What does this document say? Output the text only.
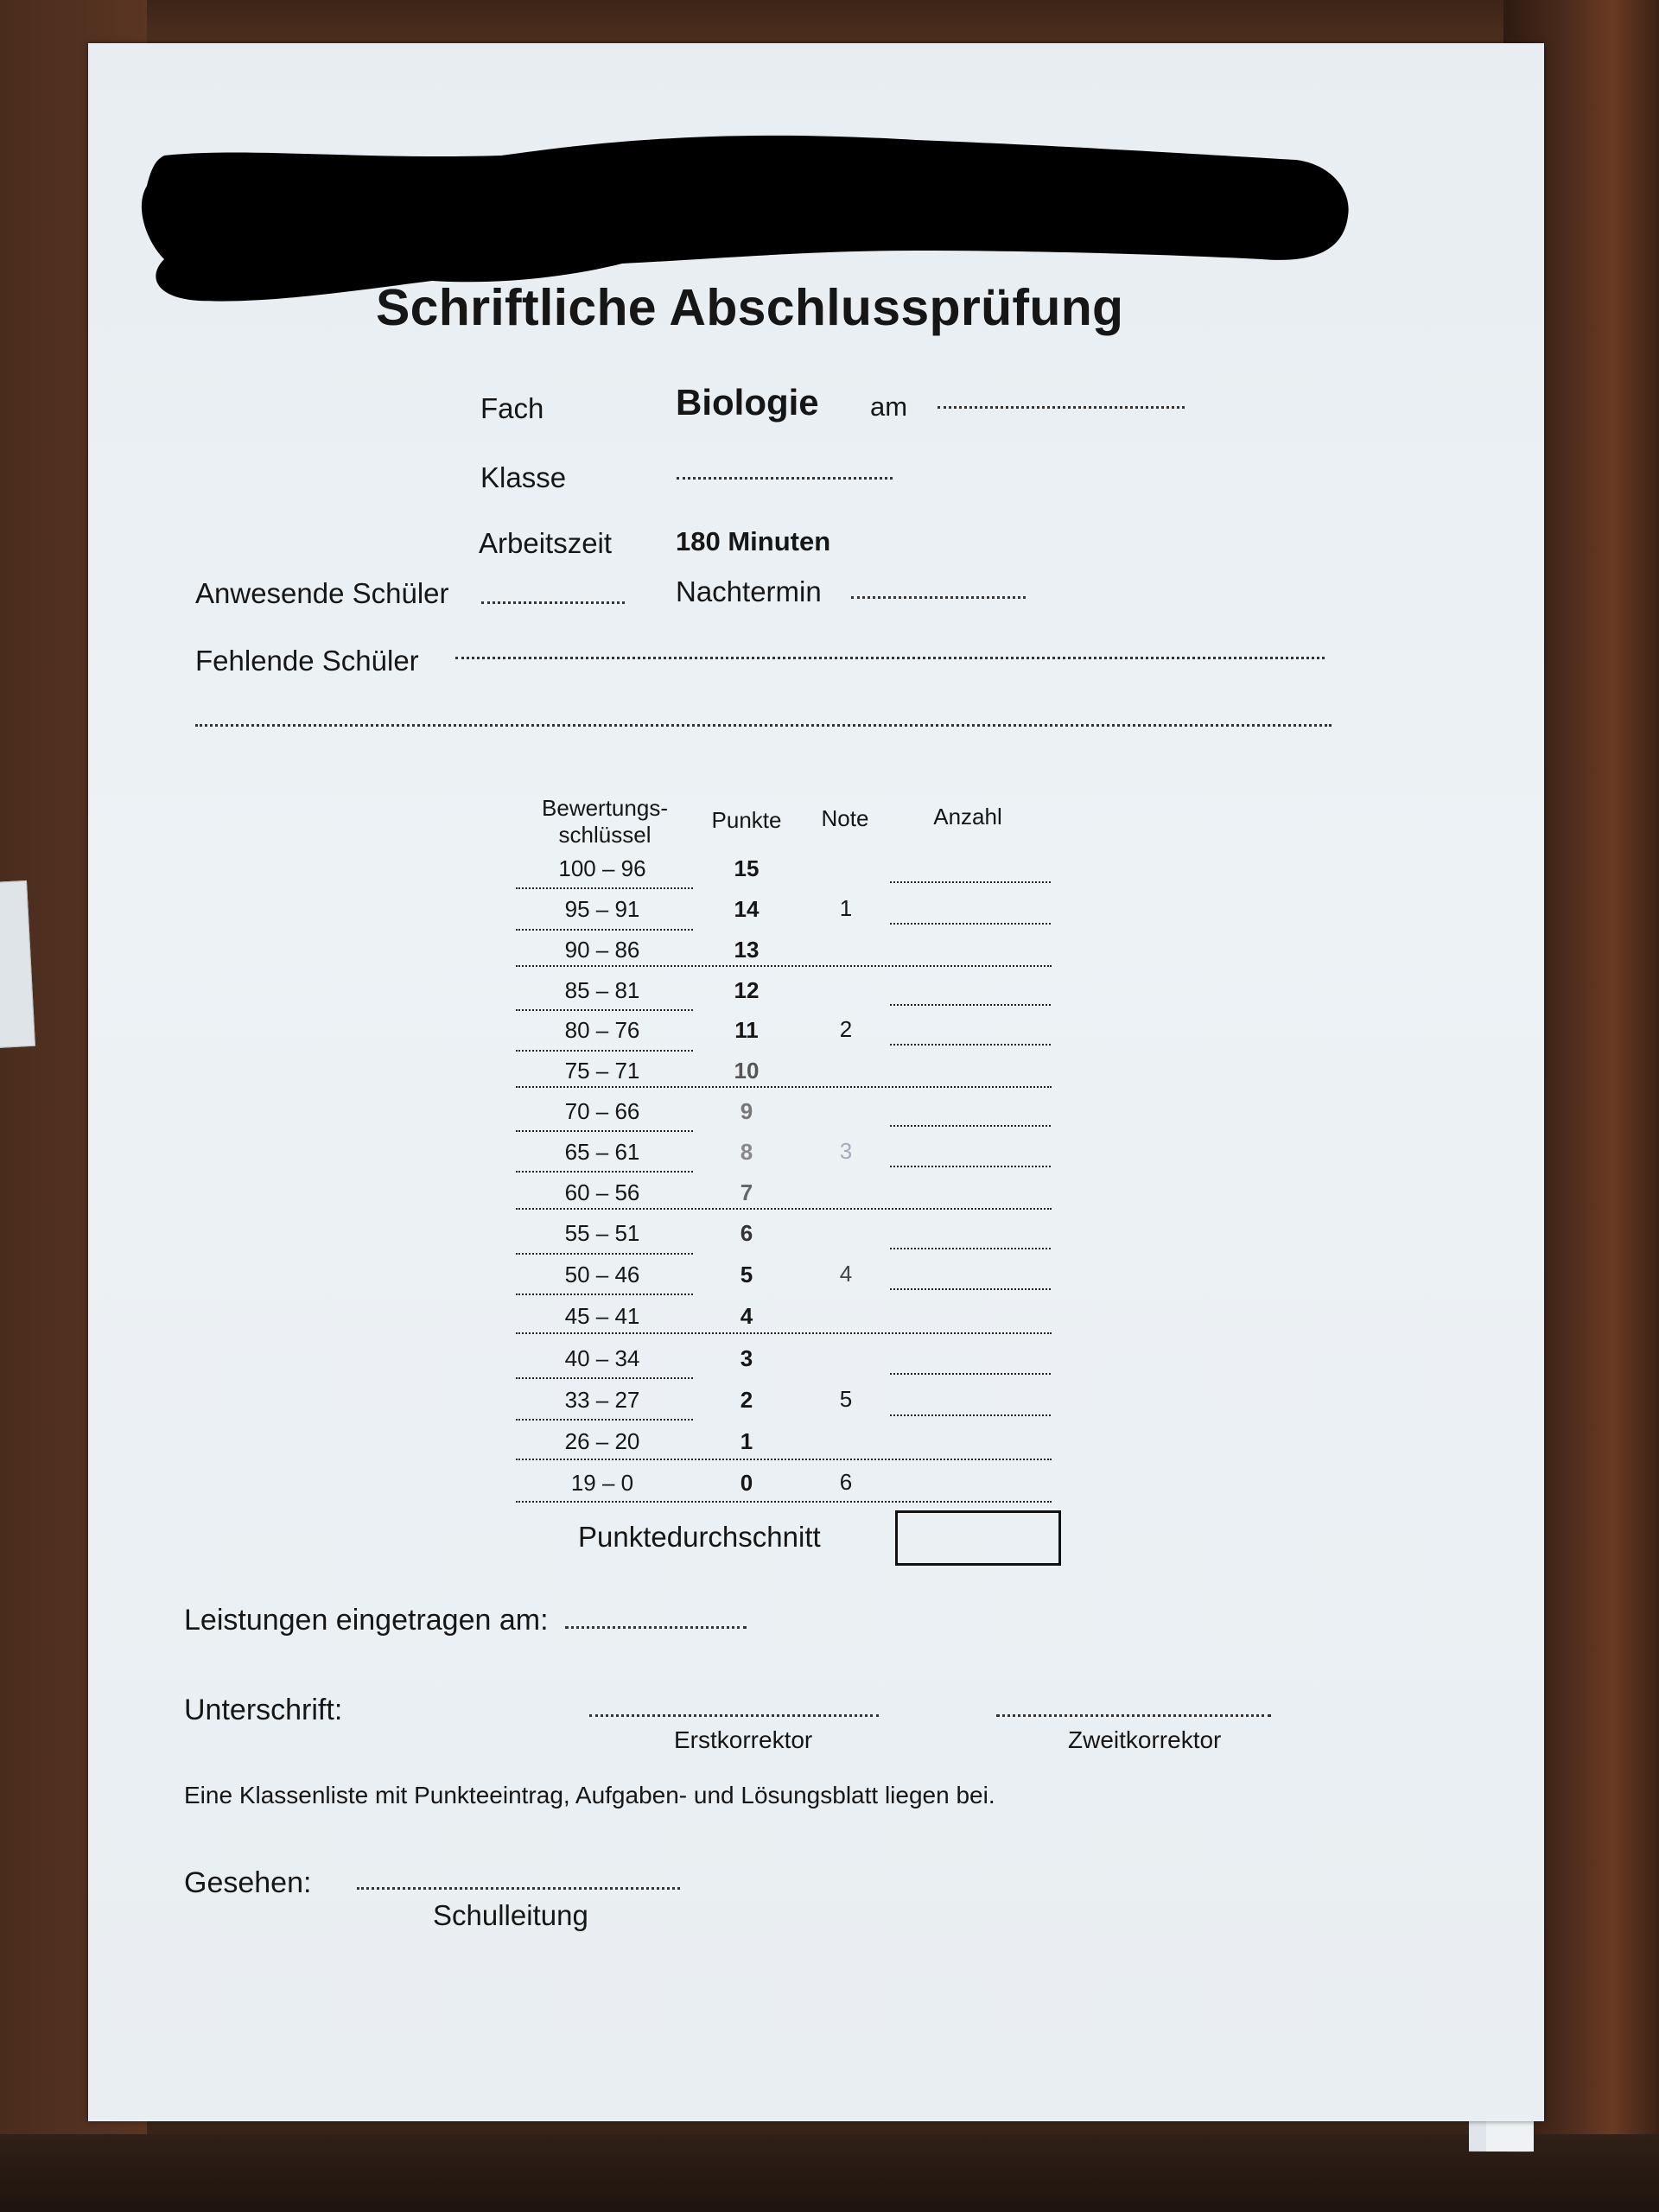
Schriftliche Abschlussprüfung
Fach	Biologie am
Klasse
Arbeitszeit 180 Minuten
Anwesende Schüler	Nachtermin
Fehlende Schüler
Bewertungs-
schlüssel
Punkte	Note	Anzahl
100 – 96	15
95 – 91	14	1
90 – 86	13
85 – 81	12
80 – 76	11	2
75 – 71	10
70 – 66	9
65 – 61	8	3
60 – 56	7
55 – 51	6
50 – 46	5	4
45 – 41	4
40 – 34	3
33 – 27	2	5
26 – 20	1
19 – 0	0	6
Punktedurchschnitt
Leistungen eingetragen am:
Unterschrift:
Erstkorrektor	Zweitkorrektor
Eine Klassenliste mit Punkteeintrag, Aufgaben- und Lösungsblatt liegen bei.
Gesehen:
Schulleitung
